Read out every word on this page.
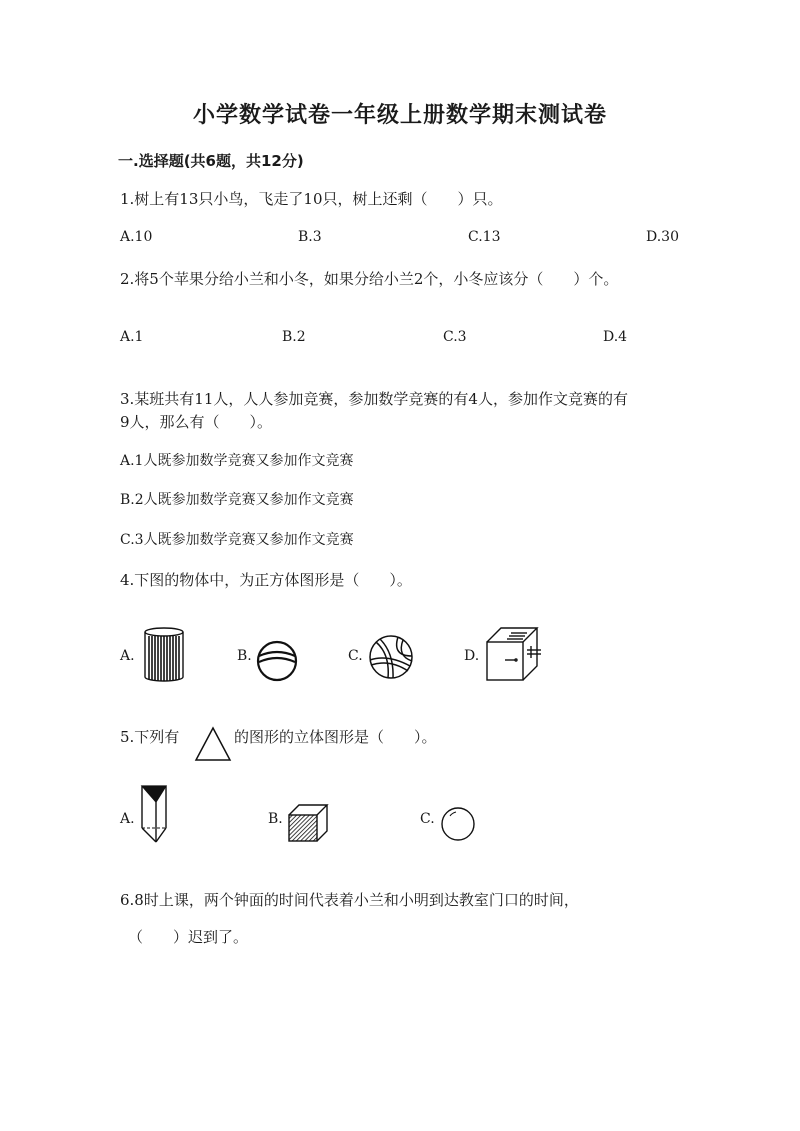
小学数学试卷一年级上册数学期末测试卷
一.选择题(共6题，共12分)
1.树上有13只小鸟，飞走了10只，树上还剩（　　）只。
A.10	B.3	C.13	D.30
2.将5个苹果分给小兰和小冬，如果分给小兰2个，小冬应该分（　　）个。
A.1	B.2	C.3	D.4
3.某班共有11人，人人参加竞赛，参加数学竞赛的有4人，参加作文竞赛的有
9人，那么有（　　）。
A.1人既参加数学竞赛又参加作文竞赛
B.2人既参加数学竞赛又参加作文竞赛
C.3人既参加数学竞赛又参加作文竞赛
4.下图的物体中，为正方体图形是（　　）。
A.	B.	C.	D.
5.下列有	的图形的立体图形是（　　）。
A.	B.	C.
6.8时上课，两个钟面的时间代表着小兰和小明到达教室门口的时间，
（　　）迟到了。
